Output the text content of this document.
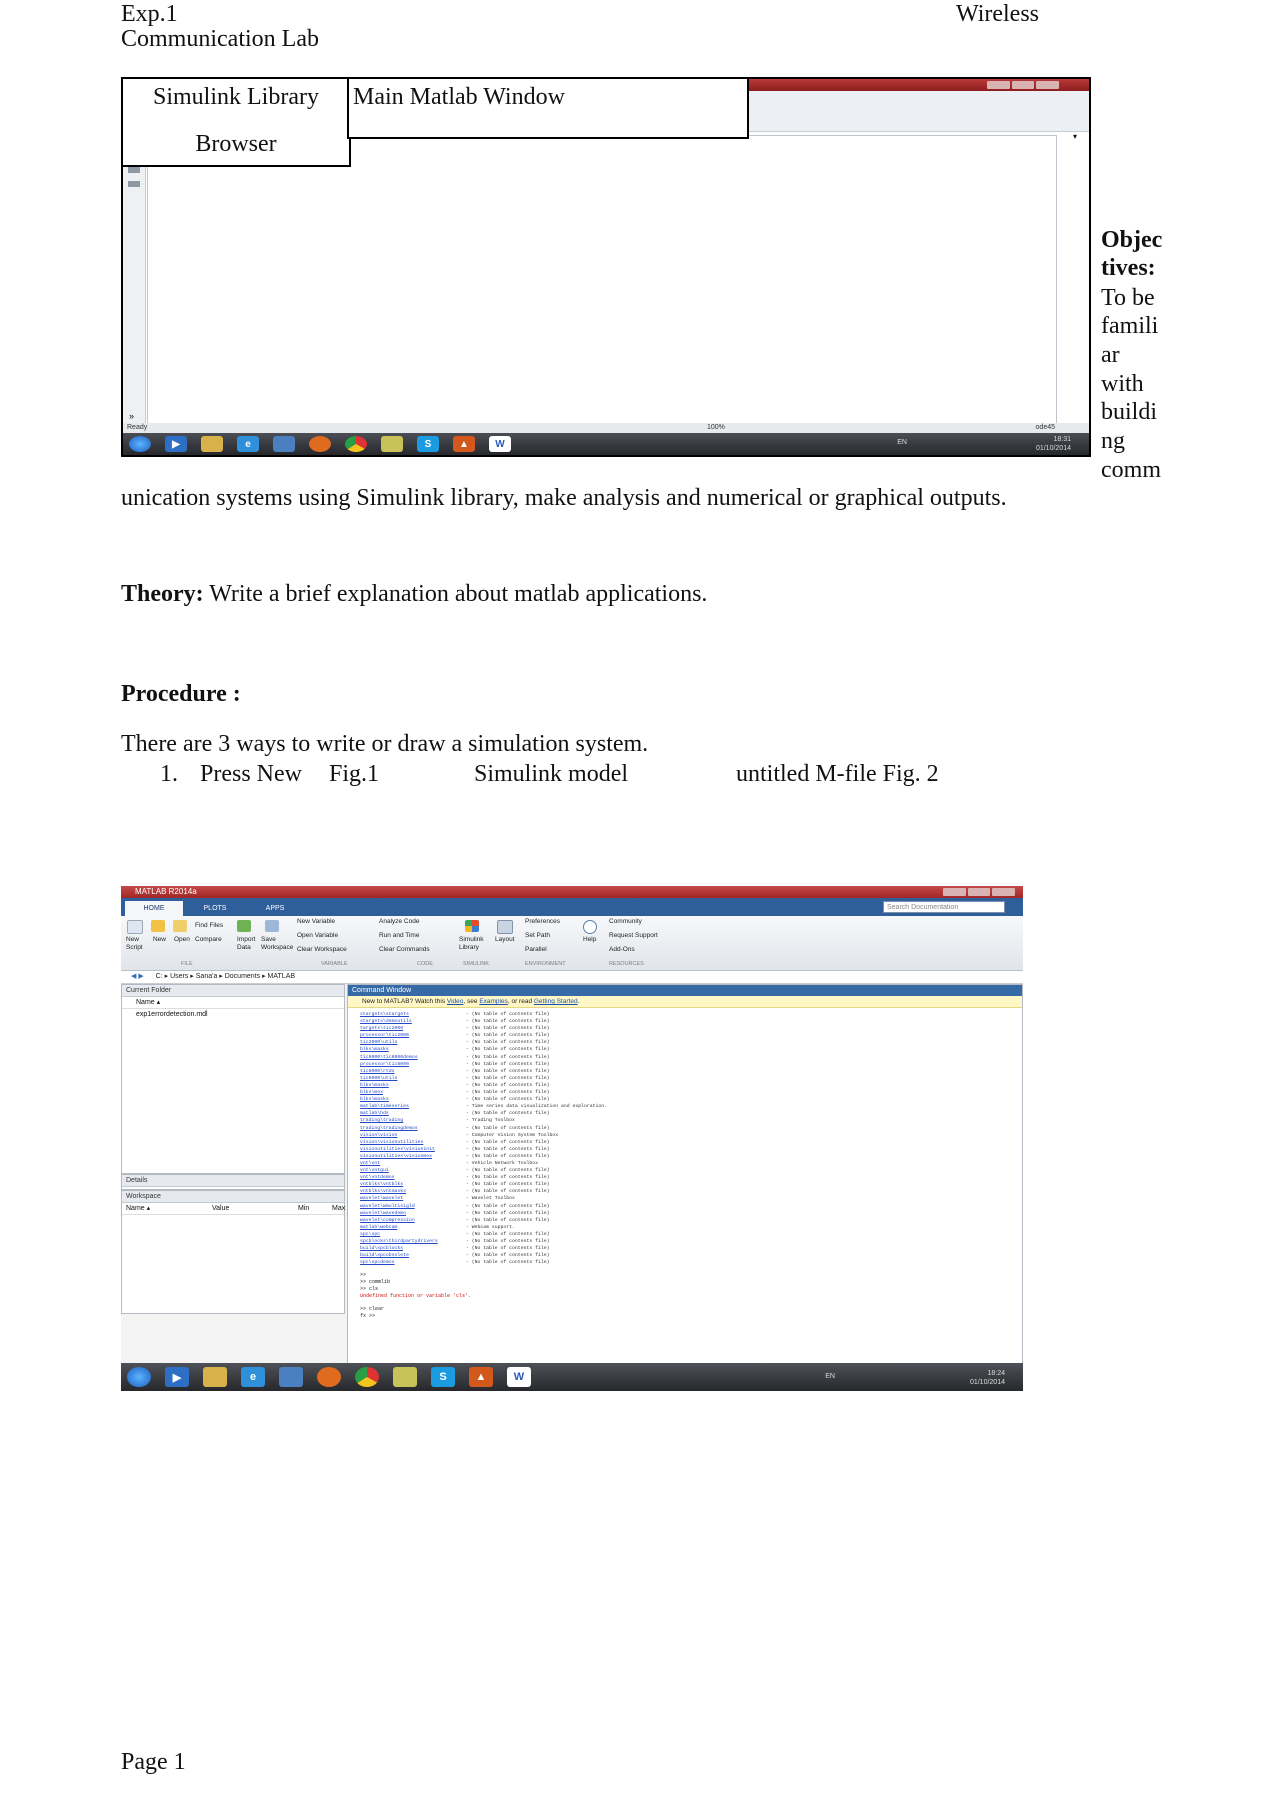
Exp.1	Wireless
Communication Lab
▾
»
Ready	100%	ode45
▶	e	S	▲	W	EN	18:31
01/10/2014
Simulink Library
Browser
Main Matlab Window
Objec
tives:
To be
famili
ar
with
buildi
ng
comm
unication systems using Simulink library, make analysis and numerical or graphical outputs.
Theory: Write a brief explanation about matlab applications.
Procedure :
There are 3 ways to write or draw a simulation system.
1. Press New Fig.1	Simulink model	untitled M-file Fig. 2
MATLAB R2014a
HOME	PLOTS	APPS	Search Documentation
New
Script
New Open
Find Files
Compare Import
Data
Save
Workspace
New Variable
Open Variable
Clear Workspace
Analyze Code
Run and Time
Clear Commands
Simulink
Library
Layout
Preferences
Set Path
Parallel
Help
Community
Request Support
Add-Ons
FILE	VARIABLE	CODE	SIMULINK	ENVIRONMENT	RESOURCES
◀ ▶ C: ▸ Users ▸ Sana'a ▸ Documents ▸ MATLAB
Current Folder
Name ▴
exp1errordetection.mdl
Details
Workspace
Name ▴	Value	Min	Max
Command Window
New to MATLAB? Watch this Video, see Examples, or read Getting Started.
stargets\stargets	- (No table of contents file)
stargets\demoutils	- (No table of contents file)
targets\tic2000	- (No table of contents file)
processor\tic2000	- (No table of contents file)
tic2000\utils	- (No table of contents file)
blks\masks	- (No table of contents file)
tic6000\tic6000demos	- (No table of contents file)
processor\tic6000	- (No table of contents file)
tic6000\rtdx	- (No table of contents file)
tic6000\utils	- (No table of contents file)
blks\masks	- (No table of contents file)
blks\mex	- (No table of contents file)
blks\masks	- (No table of contents file)
matlab\timeseries	- Time series data visualization and exploration.
matlab\hds	- (No table of contents file)
trading\trading	- Trading Toolbox
trading\tradingdemos	- (No table of contents file)
vision\vision	- Computer Vision System Toolbox
vision\visionutilities	- (No table of contents file)
visionutilities\visioninit	- (No table of contents file)
visionutilities\visionmex	- (No table of contents file)
vnt\vnt	- Vehicle Network Toolbox
vnt\vntgui	- (No table of contents file)
vnt\vntdemos	- (No table of contents file)
vntblks\vntblks	- (No table of contents file)
vntblks\vntmasks	- (No table of contents file)
wavelet\wavelet	- Wavelet Toolbox
wavelet\wmultisigld	- (No table of contents file)
wavelet\wavedemo	- (No table of contents file)
wavelet\compression	- (No table of contents file)
matlab\webcam	- Webcam support.
spc\spc	- (No table of contents file)
spcblocks\thirdpartydrivers	- (No table of contents file)
build\spcblocks	- (No table of contents file)
build\spcobsolete	- (No table of contents file)
spc\spcdemos	- (No table of contents file)
>>
>> commlib
>> cls
Undefined function or variable 'cls'.
>> clear
fx >>
▶	e	S	▲	W	EN	18:24
01/10/2014
Page 1
